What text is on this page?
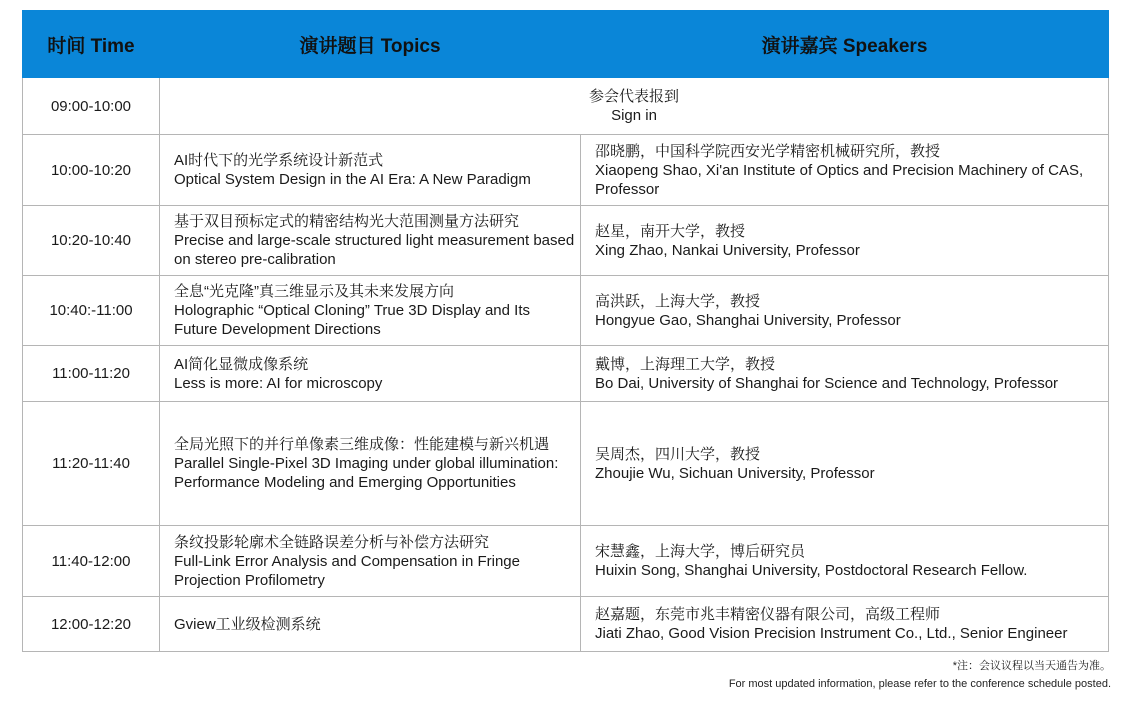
时间 Time	演讲题目 Topics	演讲嘉宾 Speakers
09:00-10:00	参会代表报到
Sign in	

10:00-10:20	AI时代下的光学系统设计新范式
Optical System Design in the AI Era: A New Paradigm	邵晓鹏，中国科学院西安光学精密机械研究所，教授
Xiaopeng Shao, Xi'an Institute of Optics and Precision Machinery of CAS, Professor

10:20-10:40	基于双目预标定式的精密结构光大范围测量方法研究
Precise and large-scale structured light measurement based on stereo pre-calibration	赵星，南开大学，教授
Xing Zhao, Nankai University, Professor

10:40:-11:00	全息“光克隆”真三维显示及其未来发展方向
Holographic “Optical Cloning” True 3D Display and Its Future Development Directions	高洪跃，上海大学，教授
Hongyue Gao, Shanghai University, Professor

11:00-11:20	AI简化显微成像系统
Less is more: AI for microscopy	戴博，上海理工大学，教授
Bo Dai, University of Shanghai for Science and Technology, Professor

11:20-11:40	全局光照下的并行单像素三维成像：性能建模与新兴机遇
Parallel Single-Pixel 3D Imaging under global illumination: Performance Modeling and Emerging Opportunities	吴周杰，四川大学，教授
Zhoujie Wu, Sichuan University, Professor

11:40-12:00	条纹投影轮廓术全链路误差分析与补偿方法研究
Full-Link Error Analysis and Compensation in Fringe Projection Profilometry	宋慧鑫，上海大学，博后研究员
Huixin Song, Shanghai University, Postdoctoral Research Fellow.

12:00-12:20	Gview工业级检测系统	赵嘉题，东莞市兆丰精密仪器有限公司，高级工程师
Jiati Zhao, Good Vision Precision Instrument Co., Ltd., Senior Engineer
*注：会议议程以当天通告为准。
For most updated information, please refer to the conference schedule posted.
